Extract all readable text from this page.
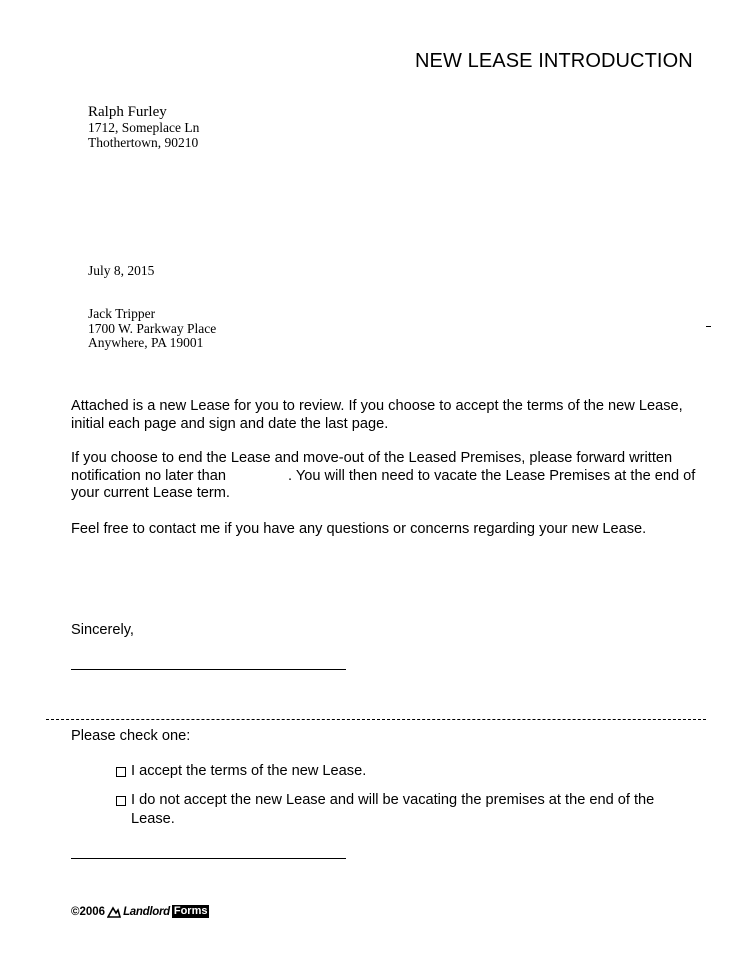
NEW LEASE INTRODUCTION
Ralph Furley
1712, Someplace Ln
Thothertown, 90210
July 8, 2015
Jack Tripper
1700 W. Parkway Place
Anywhere, PA 19001
Attached is a new Lease for you to review. If you choose to accept the terms of the new Lease, initial each page and sign and date the last page.
If you choose to end the Lease and move-out of the Leased Premises, please forward written notification no later than	. You will then need to vacate the Lease Premises at the end of your current Lease term.
Feel free to contact me if you have any questions or concerns regarding your new Lease.
Sincerely,
Please check one:
I accept the terms of the new Lease.
I do not accept the new Lease and will be vacating the premises at the end of the Lease.
©2006 Landlord Forms
